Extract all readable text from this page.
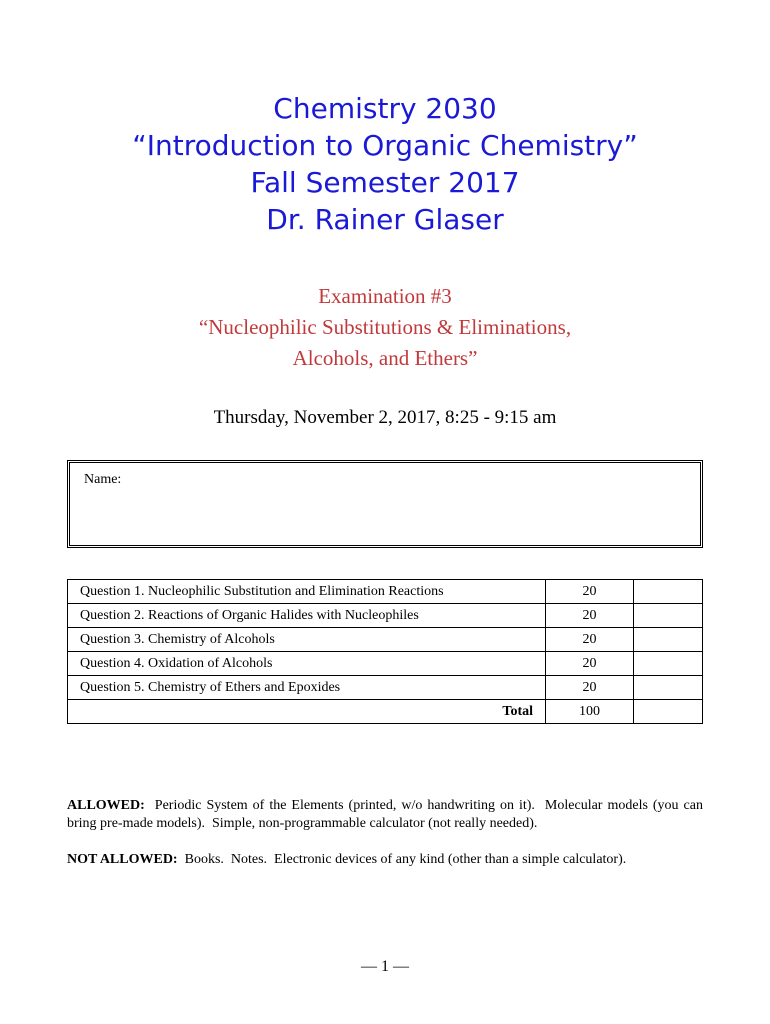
Chemistry 2030
“Introduction to Organic Chemistry”
Fall Semester 2017
Dr. Rainer Glaser
Examination #3
“Nucleophilic Substitutions & Eliminations,
Alcohols, and Ethers”
Thursday, November 2, 2017, 8:25 - 9:15 am
Name:
Question 1. Nucleophilic Substitution and Elimination Reactions	20	
Question 2. Reactions of Organic Halides with Nucleophiles	20	
Question 3. Chemistry of Alcohols	20	
Question 4. Oxidation of Alcohols	20	
Question 5. Chemistry of Ethers and Epoxides	20	
Total	100	
ALLOWED:  Periodic System of the Elements (printed, w/o handwriting on it).  Molecular models (you can bring pre-made models).  Simple, non-programmable calculator (not really needed).
NOT ALLOWED:  Books.  Notes.  Electronic devices of any kind (other than a simple calculator).
— 1 —
